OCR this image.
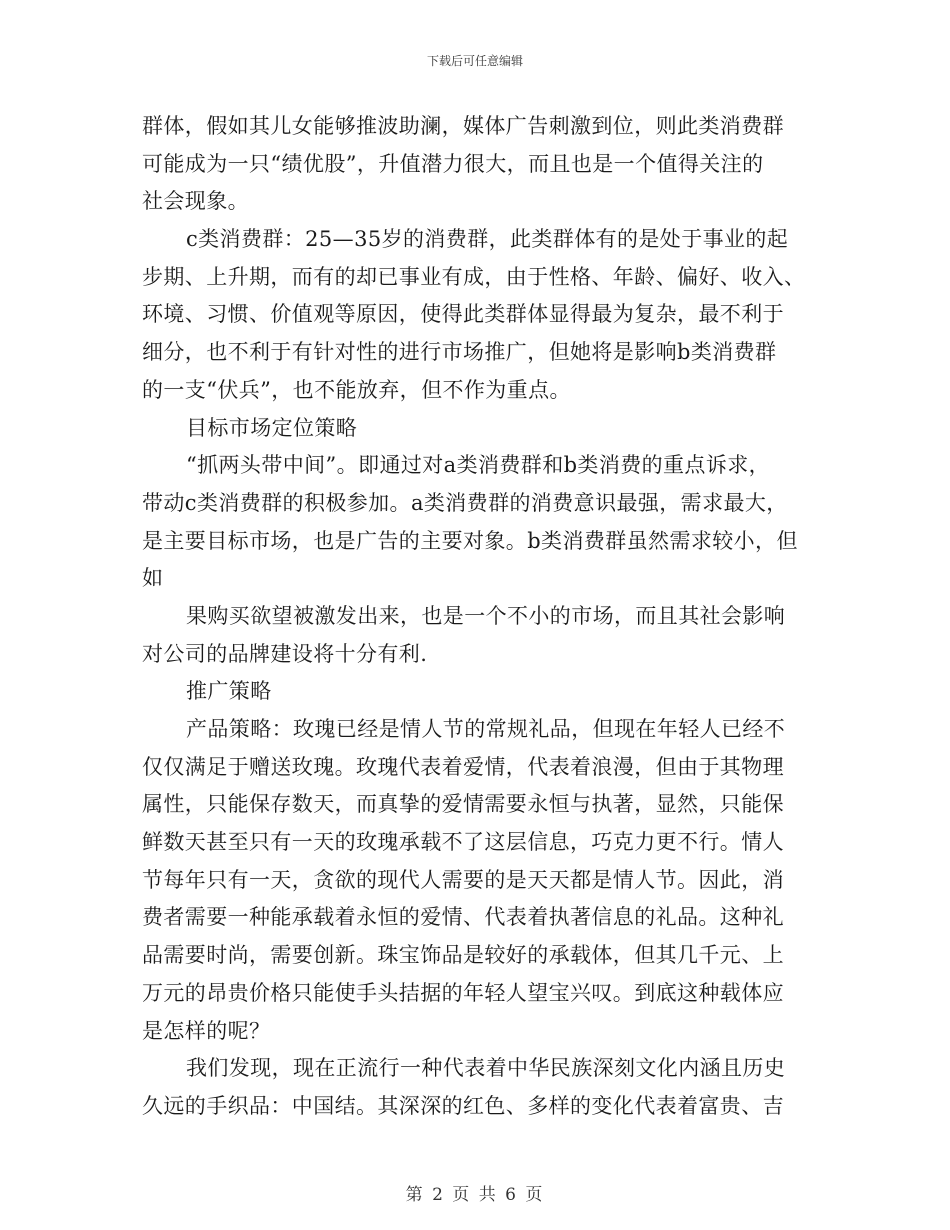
下载后可任意编辑
群体，假如其儿女能够推波助澜，媒体广告刺激到位，则此类消费群
可能成为一只“绩优股”，升值潜力很大，而且也是一个值得关注的
社会现象。
c类消费群：25—35岁的消费群，此类群体有的是处于事业的起
步期、上升期，而有的却已事业有成，由于性格、年龄、偏好、收入、
环境、习惯、价值观等原因，使得此类群体显得最为复杂，最不利于
细分，也不利于有针对性的进行市场推广，但她将是影响b类消费群
的一支“伏兵”，也不能放弃，但不作为重点。
目标市场定位策略
“抓两头带中间”。即通过对a类消费群和b类消费的重点诉求，
带动c类消费群的积极参加。a类消费群的消费意识最强，需求最大，
是主要目标市场，也是广告的主要对象。b类消费群虽然需求较小，但
如
果购买欲望被激发出来，也是一个不小的市场，而且其社会影响
对公司的品牌建设将十分有利.
推广策略
产品策略：玫瑰已经是情人节的常规礼品，但现在年轻人已经不
仅仅满足于赠送玫瑰。玫瑰代表着爱情，代表着浪漫，但由于其物理
属性，只能保存数天，而真挚的爱情需要永恒与执著，显然，只能保
鲜数天甚至只有一天的玫瑰承载不了这层信息，巧克力更不行。情人
节每年只有一天，贪欲的现代人需要的是天天都是情人节。因此，消
费者需要一种能承载着永恒的爱情、代表着执著信息的礼品。这种礼
品需要时尚，需要创新。珠宝饰品是较好的承载体，但其几千元、上
万元的昂贵价格只能使手头拮据的年轻人望宝兴叹。到底这种载体应
是怎样的呢？
我们发现，现在正流行一种代表着中华民族深刻文化内涵且历史
久远的手织品：中国结。其深深的红色、多样的变化代表着富贵、吉
第 2 页 共 6 页
